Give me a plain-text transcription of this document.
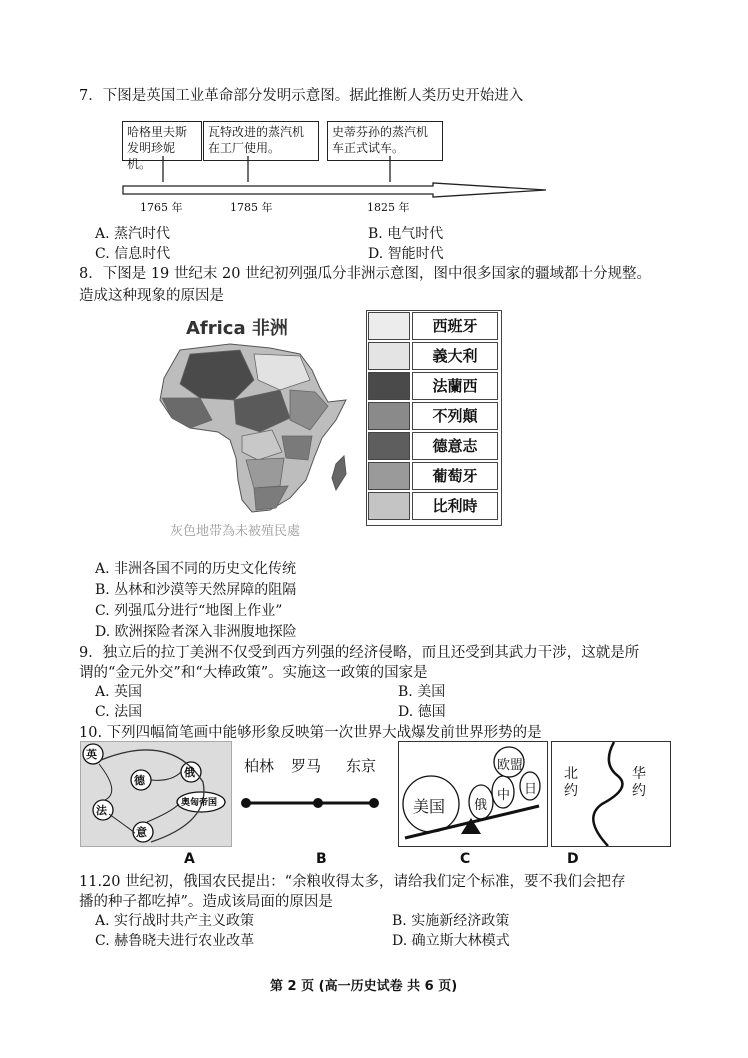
7．下图是英国工业革命部分发明示意图。据此推断人类历史开始进入
哈格里夫斯发明珍妮机。
瓦特改进的蒸汽机在工厂使用。
史蒂芬孙的蒸汽机车正式试车。
1765 年	1785 年	1825 年
A. 蒸汽时代	B. 电气时代
C. 信息时代	D. 智能时代
8．下图是 19 世纪末 20 世纪初列强瓜分非洲示意图，图中很多国家的疆域都十分规整。
造成这种现象的原因是
Africa 非洲
灰色地带為未被殖民處
西班牙
義大利
法蘭西
不列顛
德意志
葡萄牙
比利時
A. 非洲各国不同的历史文化传统
B. 丛林和沙漠等天然屏障的阻隔
C. 列强瓜分进行“地图上作业”
D. 欧洲探险者深入非洲腹地探险
9．独立后的拉丁美洲不仅受到西方列强的经济侵略，而且还受到其武力干涉，这就是所
谓的“金元外交”和“大棒政策”。实施这一政策的国家是
A. 英国	B. 美国
C. 法国	D. 德国
10. 下列四幅简笔画中能够形象反映第一次世界大战爆发前世界形势的是
英
德
俄
法
意
奥匈帝国
柏林 罗马 东京
美国 俄
中
欧盟
日
北约
华约
A	B	C	D
11.20 世纪初，俄国农民提出：“余粮收得太多，请给我们定个标准，要不我们会把存
播的种子都吃掉”。造成该局面的原因是
A. 实行战时共产主义政策	B. 实施新经济政策
C. 赫鲁晓夫进行农业改革	D. 确立斯大林模式
第 2 页 (高一历史试卷 共 6 页)
